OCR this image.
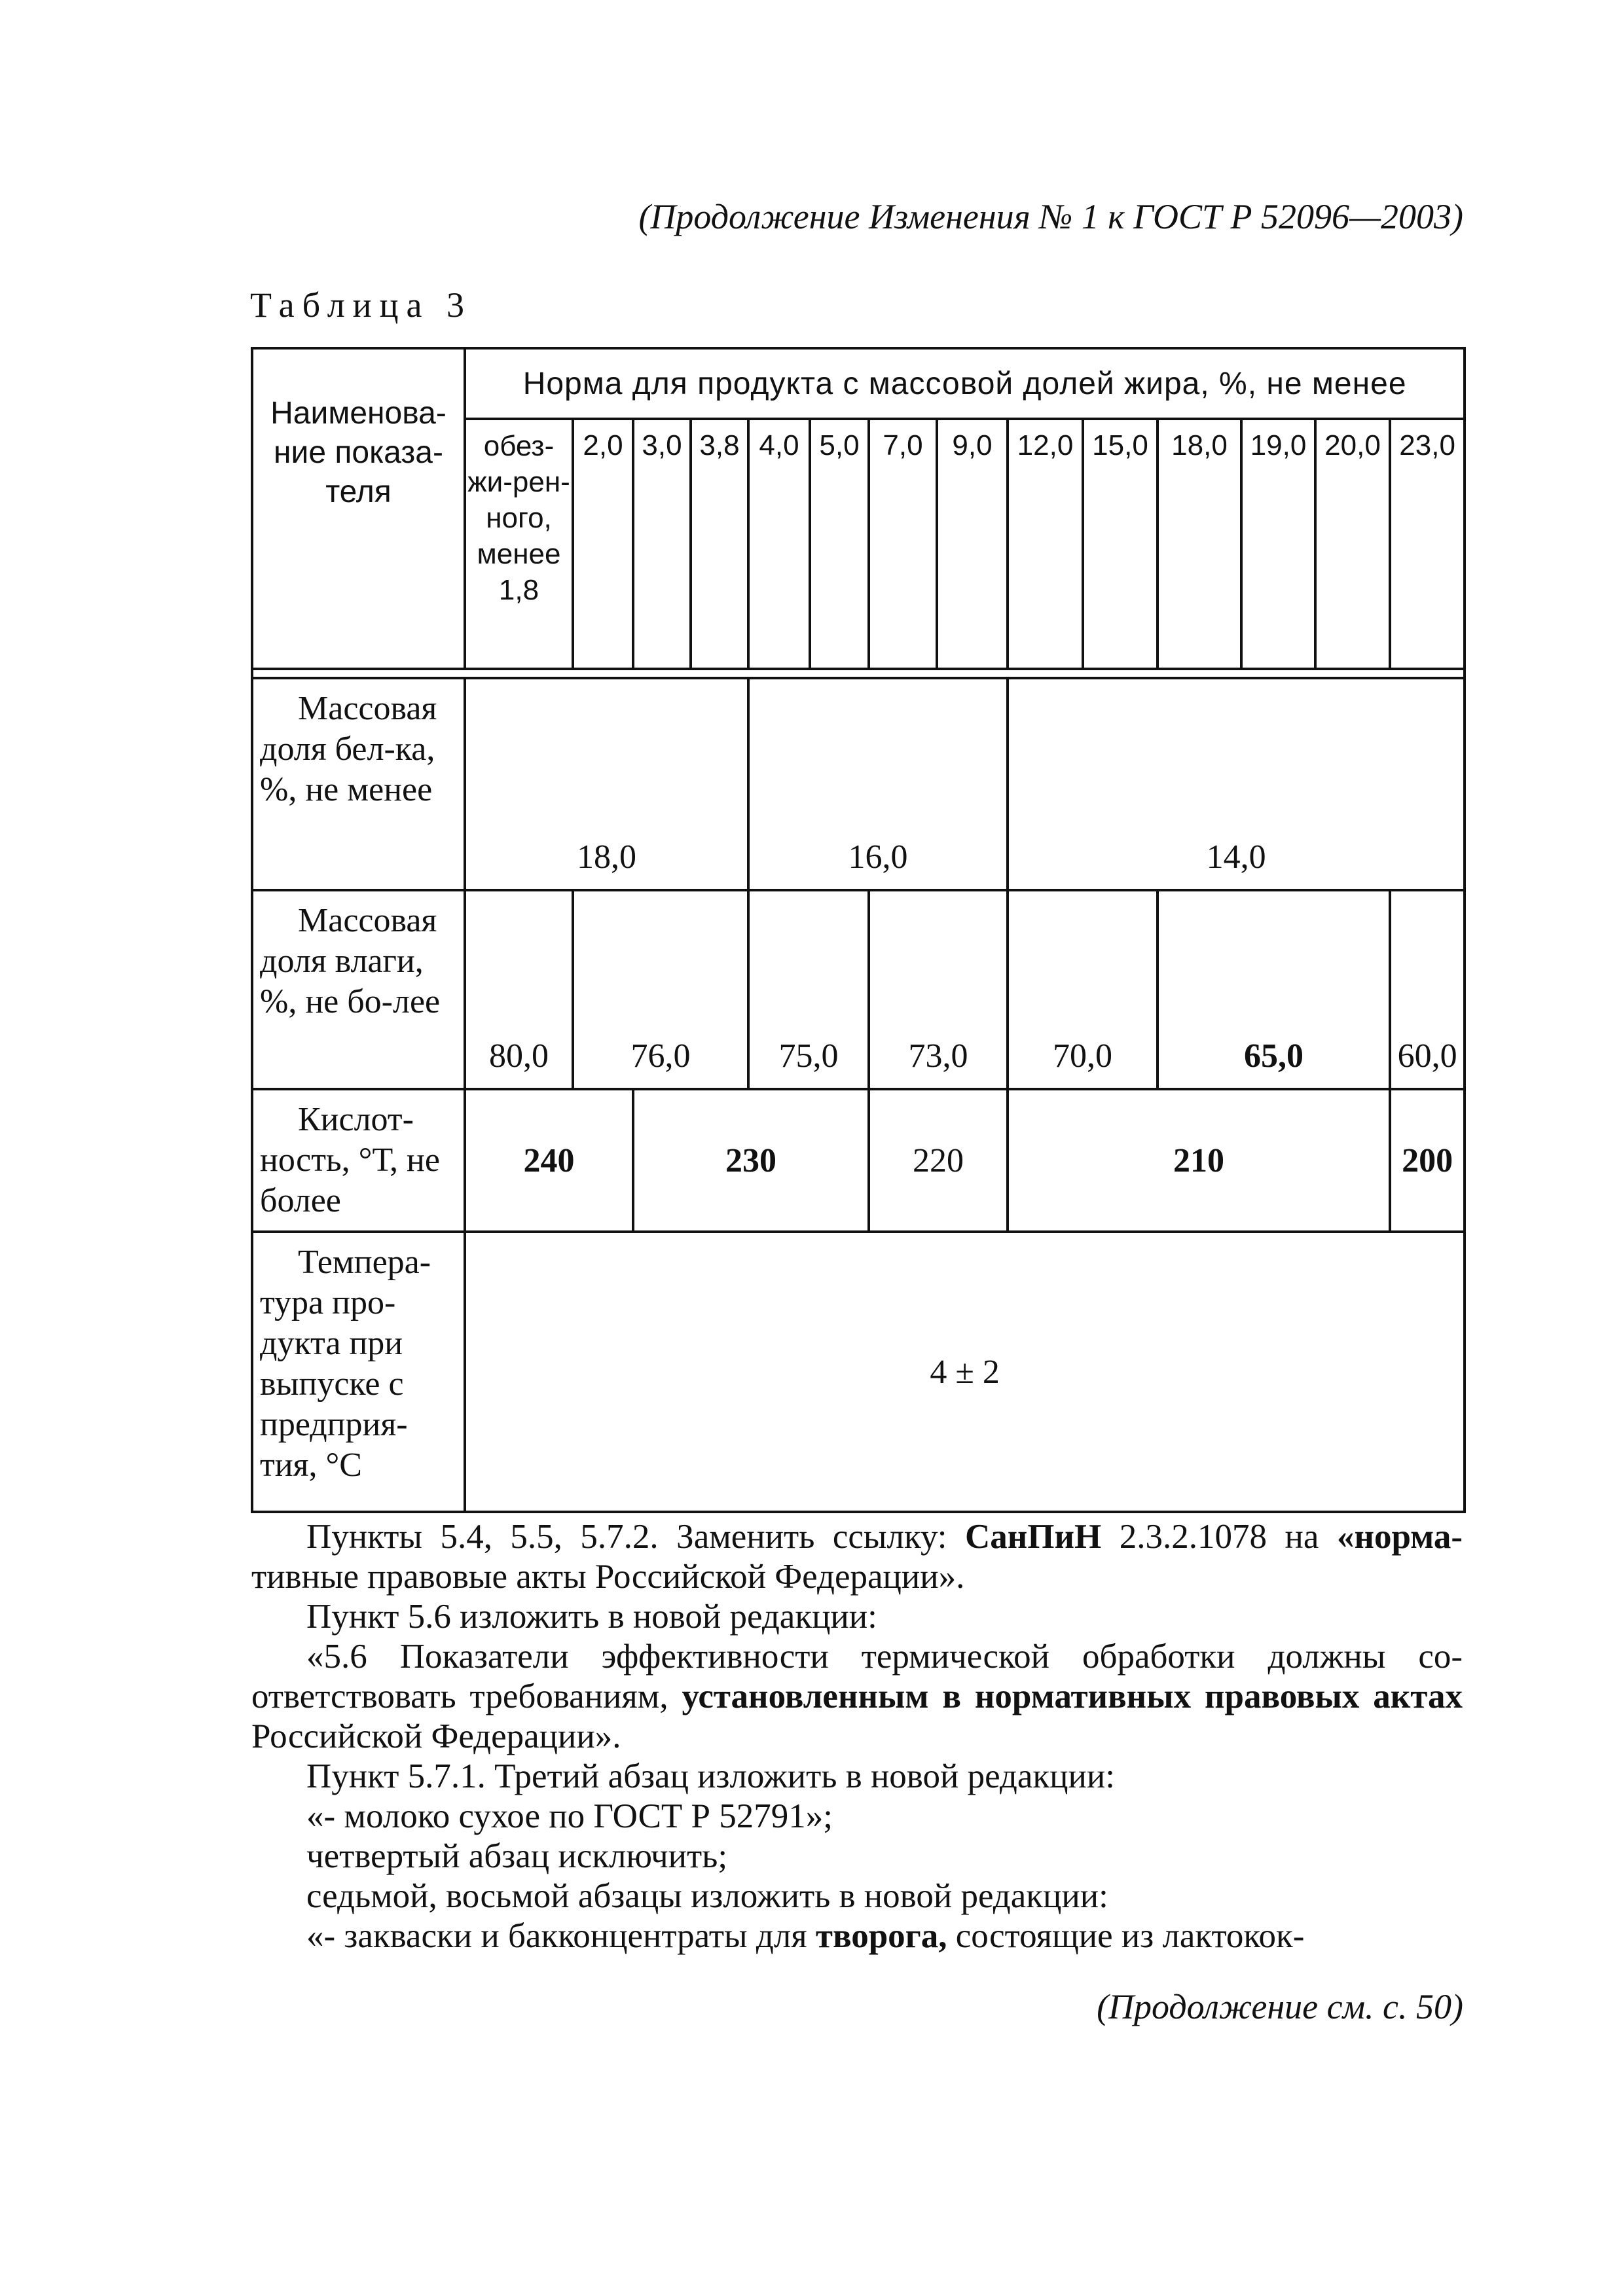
(Продолжение Изменения № 1 к ГОСТ Р 52096—2003)
Таблица 3
Наименова-ние показа-теля	Норма для продукта с массовой долей жира, %, не менее													
	обез-жи-рен-ного, менее 1,8	2,0	3,0	3,8	4,0	5,0	7,0	9,0	12,0	15,0	18,0	19,0	20,0	23,0

Массовая доля бел-ка, %, не менее	18,0				16,0				14,0					

Массовая доля влаги, %, не бо-лее	80,0	76,0			75,0		73,0		70,0		65,0			60,0

Кислот-ность, °Т, не более	240		230				220		210					200

Темпера-тура про-дукта при выпуске с предприя-тия, °С	4 ± 2													

Пункты 5.4, 5.5, 5.7.2. Заменить ссылку: СанПиН 2.3.2.1078 на «норма- тивные правовые акты Российской Федерации».

Пункт 5.6 изложить в новой редакции:

«5.6 Показатели эффективности термической обработки должны со-ответствовать требованиям, установленным в нормативных правовых актах Российской Федерации».

Пункт 5.7.1. Третий абзац изложить в новой редакции:

«- молоко сухое по ГОСТ Р 52791»;

четвертый абзац исключить;

седьмой, восьмой абзацы изложить в новой редакции:

«- закваски и бакконцентраты для творога, состоящие из лактокок-

(Продолжение см. с. 50)
